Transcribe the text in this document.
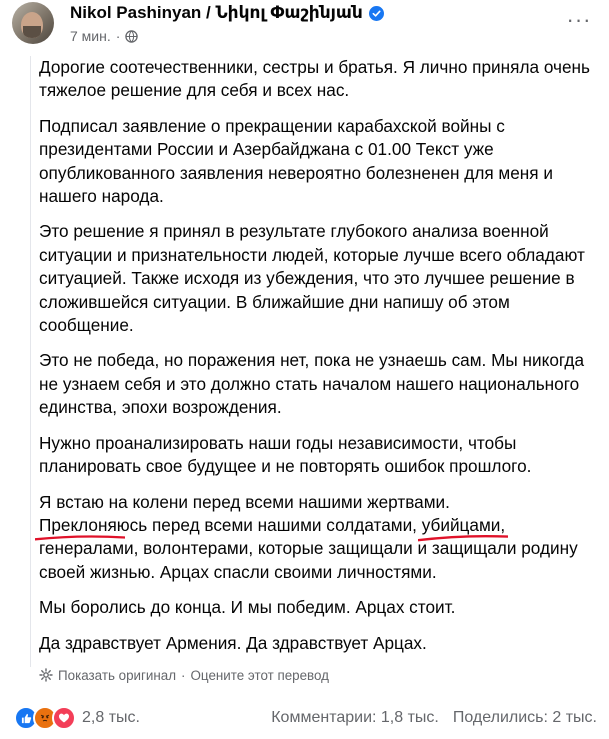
Nikol Pashinyan / Նիկոլ Փաշինյան	···
7 мин. ·

Дорогие соотечественники, сестры и братья. Я лично приняла очень тяжелое решение для себя и всех нас.

Подписал заявление о прекращении карабахской войны с президентами России и Азербайджана с 01.00 Текст уже опубликованного заявления невероятно болезненен для меня и нашего народа.

Это решение я принял в результате глубокого анализа военной ситуации и признательности людей, которые лучше всего обладают ситуацией. Также исходя из убеждения, что это лучшее решение в сложившейся ситуации. В ближайшие дни напишу об этом сообщение.

Это не победа, но поражения нет, пока не узнаешь сам. Мы никогда не узнаем себя и это должно стать началом нашего национального единства, эпохи возрождения.

Нужно проанализировать наши годы независимости, чтобы планировать свое будущее и не повторять ошибок прошлого.

Я встаю на колени перед всеми нашими жертвами.
Преклоняюсь
перед всеми нашими солдатами, убийцами,
генералами, волонтерами, которые защищали и защищали родину своей жизнью. Арцах спасли своими личностями.

Мы боролись до конца. И мы победим. Арцах стоит.

Да здравствует Армения. Да здравствует Арцах.

Показать оригинал · Оцените этот перевод
2,8 тыс.	Комментарии: 1,8 тыс. Поделились: 2 тыс.
